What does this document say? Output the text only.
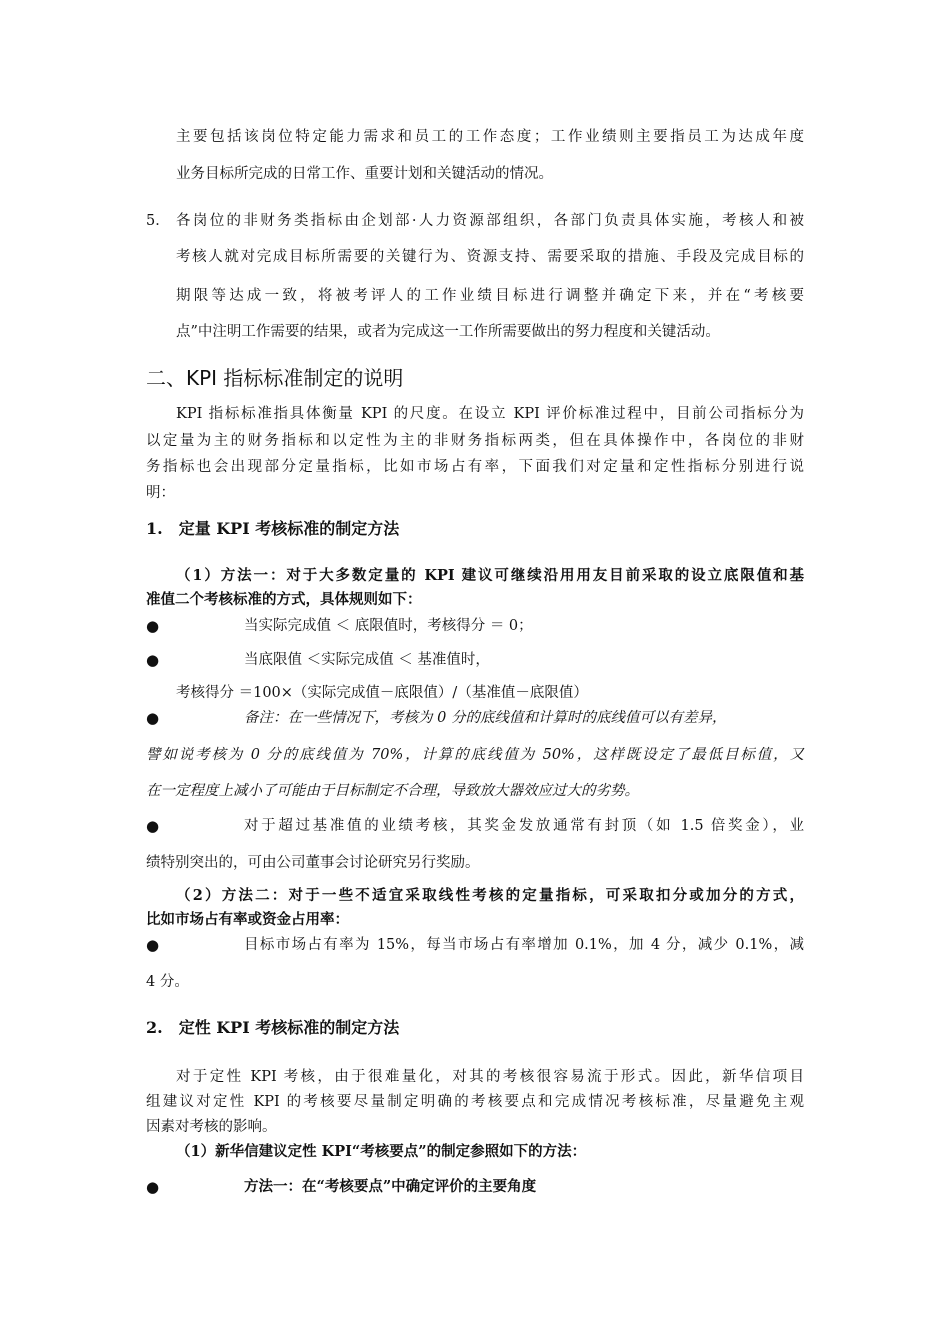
主要包括该岗位特定能力需求和员工的工作态度；工作业绩则主要指员工为达成年度
业务目标所完成的日常工作、重要计划和关键活动的情况。
5． 各岗位的非财务类指标由企划部·人力资源部组织，各部门负责具体实施，考核人和被
考核人就对完成目标所需要的关键行为、资源支持、需要采取的措施、手段及完成目标的
期限等达成一致，将被考评人的工作业绩目标进行调整并确定下来，并在“考核要
点”中注明工作需要的结果，或者为完成这一工作所需要做出的努力程度和关键活动。
二、KPI 指标标准制定的说明
KPI 指标标准指具体衡量 KPI 的尺度。在设立 KPI 评价标准过程中，目前公司指标分为
以定量为主的财务指标和以定性为主的非财务指标两类，但在具体操作中，各岗位的非财
务指标也会出现部分定量指标，比如市场占有率，下面我们对定量和定性指标分别进行说
明：
1.　定量 KPI 考核标准的制定方法
（1）方法一：对于大多数定量的 KPI 建议可继续沿用用友目前采取的设立底限值和基
准值二个考核标准的方式，具体规则如下：
●	当实际完成值 ＜ 底限值时，考核得分 ＝ 0；
●	当底限值 ＜实际完成值 ＜ 基准值时，
考核得分 ＝100×（实际完成值－底限值）/（基准值－底限值）
●	备注：在一些情况下，考核为 0 分的底线值和计算时的底线值可以有差异，
譬如说考核为 0 分的底线值为 70%，计算的底线值为 50%，这样既设定了最低目标值，又
在一定程度上减小了可能由于目标制定不合理，导致放大器效应过大的劣势。
●	对于超过基准值的业绩考核，其奖金发放通常有封顶（如 1.5 倍奖金），业
绩特别突出的，可由公司董事会讨论研究另行奖励。
（2）方法二：对于一些不适宜采取线性考核的定量指标，可采取扣分或加分的方式，
比如市场占有率或资金占用率：
●	目标市场占有率为 15%，每当市场占有率增加 0.1%，加 4 分，减少 0.1%，减
4 分。
2.　定性 KPI 考核标准的制定方法
对于定性 KPI 考核，由于很难量化，对其的考核很容易流于形式。因此，新华信项目
组建议对定性 KPI 的考核要尽量制定明确的考核要点和完成情况考核标准，尽量避免主观
因素对考核的影响。
（1）新华信建议定性 KPI“考核要点”的制定参照如下的方法：
●	方法一：在“考核要点”中确定评价的主要角度
